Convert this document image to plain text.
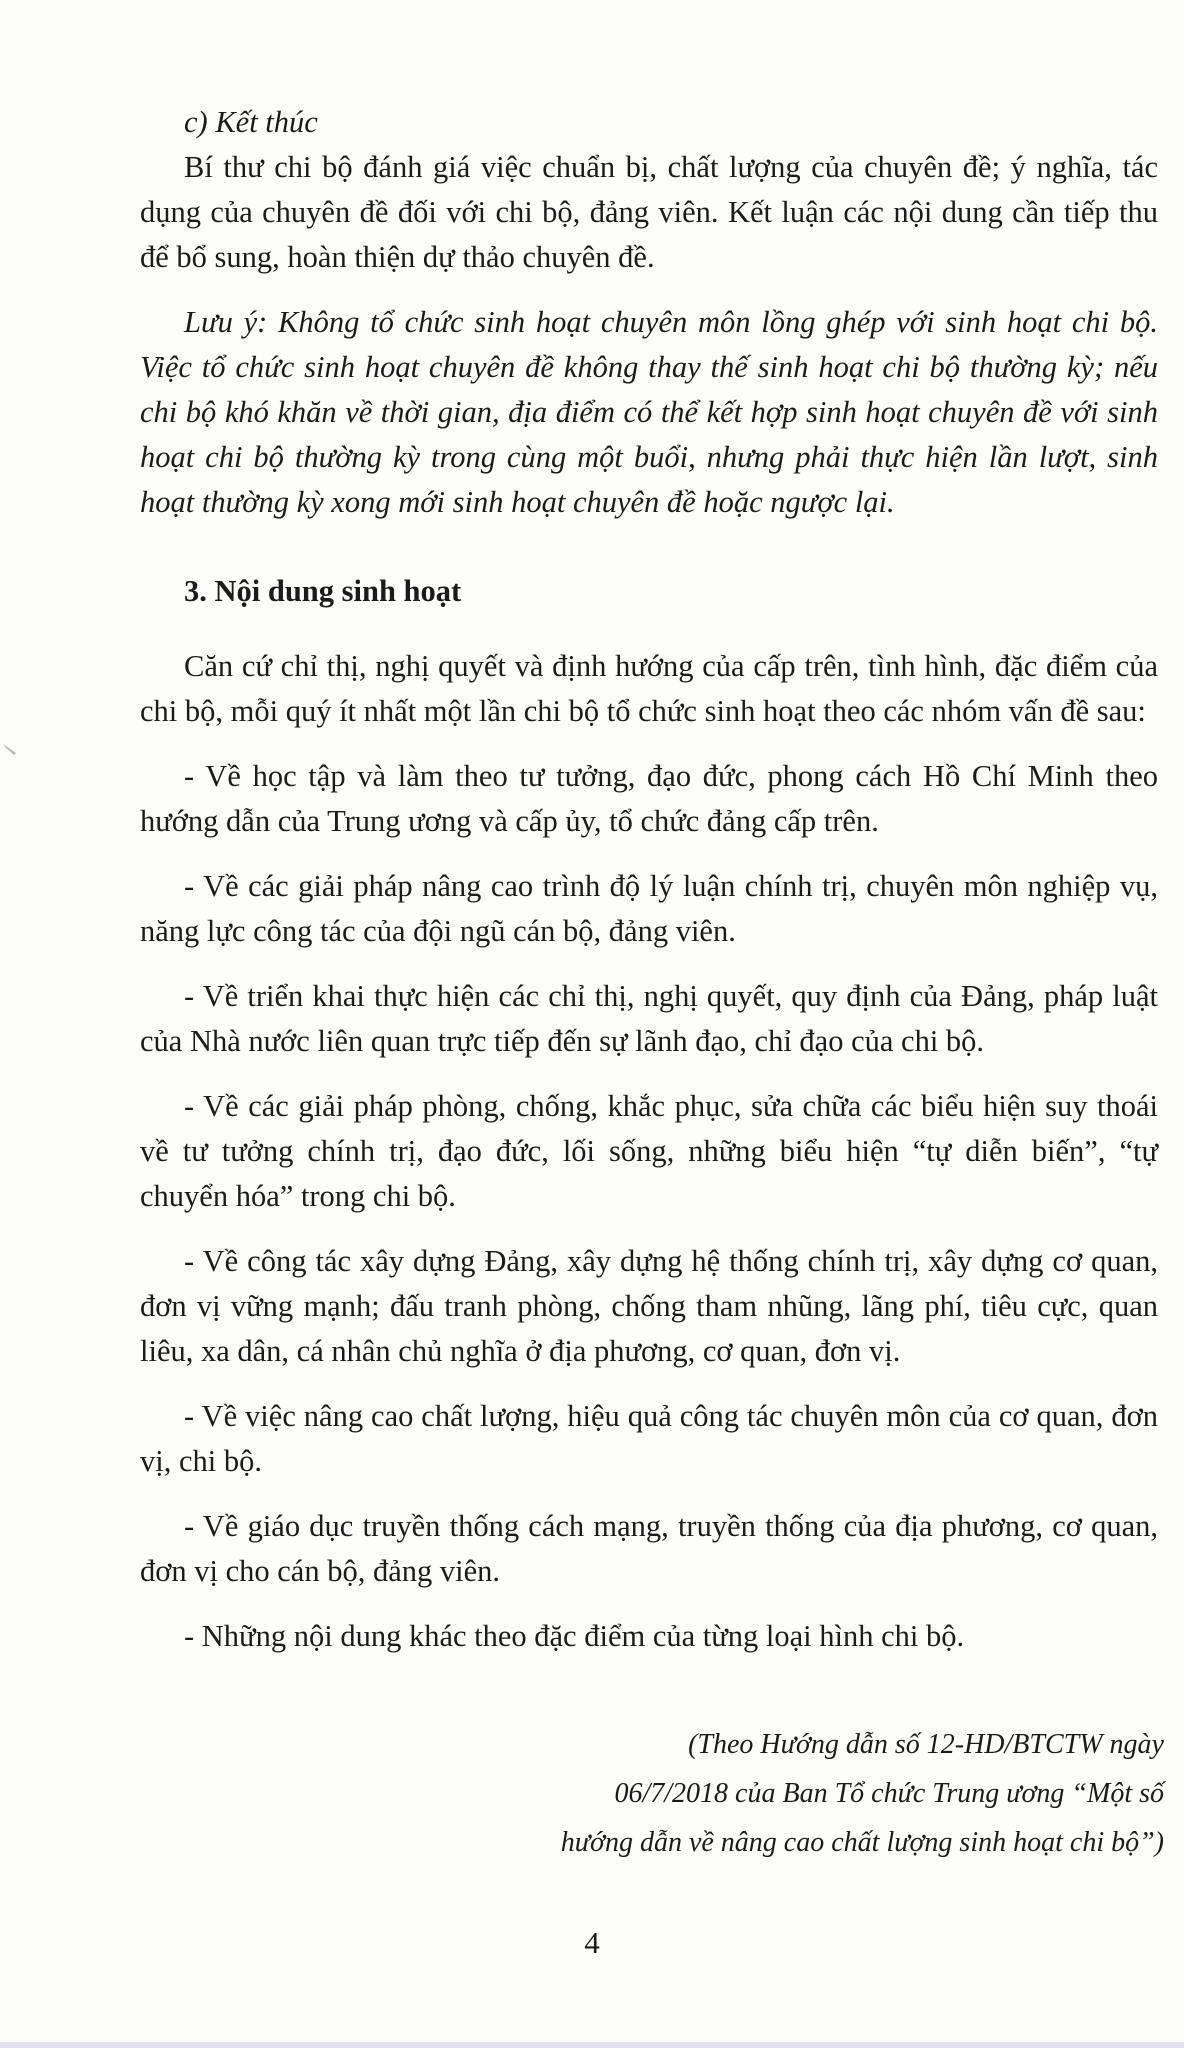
c) Kết thúc

Bí thư chi bộ đánh giá việc chuẩn bị, chất lượng của chuyên đề; ý nghĩa, tác dụng của chuyên đề đối với chi bộ, đảng viên. Kết luận các nội dung cần tiếp thu để bổ sung, hoàn thiện dự thảo chuyên đề.

Lưu ý: Không tổ chức sinh hoạt chuyên môn lồng ghép với sinh hoạt chi bộ. Việc tổ chức sinh hoạt chuyên đề không thay thế sinh hoạt chi bộ thường kỳ; nếu chi bộ khó khăn về thời gian, địa điểm có thể kết hợp sinh hoạt chuyên đề với sinh hoạt chi bộ thường kỳ trong cùng một buổi, nhưng phải thực hiện lần lượt, sinh hoạt thường kỳ xong mới sinh hoạt chuyên đề hoặc ngược lại.

3. Nội dung sinh hoạt

Căn cứ chỉ thị, nghị quyết và định hướng của cấp trên, tình hình, đặc điểm của chi bộ, mỗi quý ít nhất một lần chi bộ tổ chức sinh hoạt theo các nhóm vấn đề sau:

- Về học tập và làm theo tư tưởng, đạo đức, phong cách Hồ Chí Minh theo hướng dẫn của Trung ương và cấp ủy, tổ chức đảng cấp trên.

- Về các giải pháp nâng cao trình độ lý luận chính trị, chuyên môn nghiệp vụ, năng lực công tác của đội ngũ cán bộ, đảng viên.

- Về triển khai thực hiện các chỉ thị, nghị quyết, quy định của Đảng, pháp luật của Nhà nước liên quan trực tiếp đến sự lãnh đạo, chỉ đạo của chi bộ.

- Về các giải pháp phòng, chống, khắc phục, sửa chữa các biểu hiện suy thoái về tư tưởng chính trị, đạo đức, lối sống, những biểu hiện “tự diễn biến”, “tự chuyển hóa” trong chi bộ.

- Về công tác xây dựng Đảng, xây dựng hệ thống chính trị, xây dựng cơ quan, đơn vị vững mạnh; đấu tranh phòng, chống tham nhũng, lãng phí, tiêu cực, quan liêu, xa dân, cá nhân chủ nghĩa ở địa phương, cơ quan, đơn vị.

- Về việc nâng cao chất lượng, hiệu quả công tác chuyên môn của cơ quan, đơn vị, chi bộ.

- Về giáo dục truyền thống cách mạng, truyền thống của địa phương, cơ quan, đơn vị cho cán bộ, đảng viên.

- Những nội dung khác theo đặc điểm của từng loại hình chi bộ.

(Theo Hướng dẫn số 12-HD/BTCTW ngày
06/7/2018 của Ban Tổ chức Trung ương “Một số
hướng dẫn về nâng cao chất lượng sinh hoạt chi bộ”)
4
